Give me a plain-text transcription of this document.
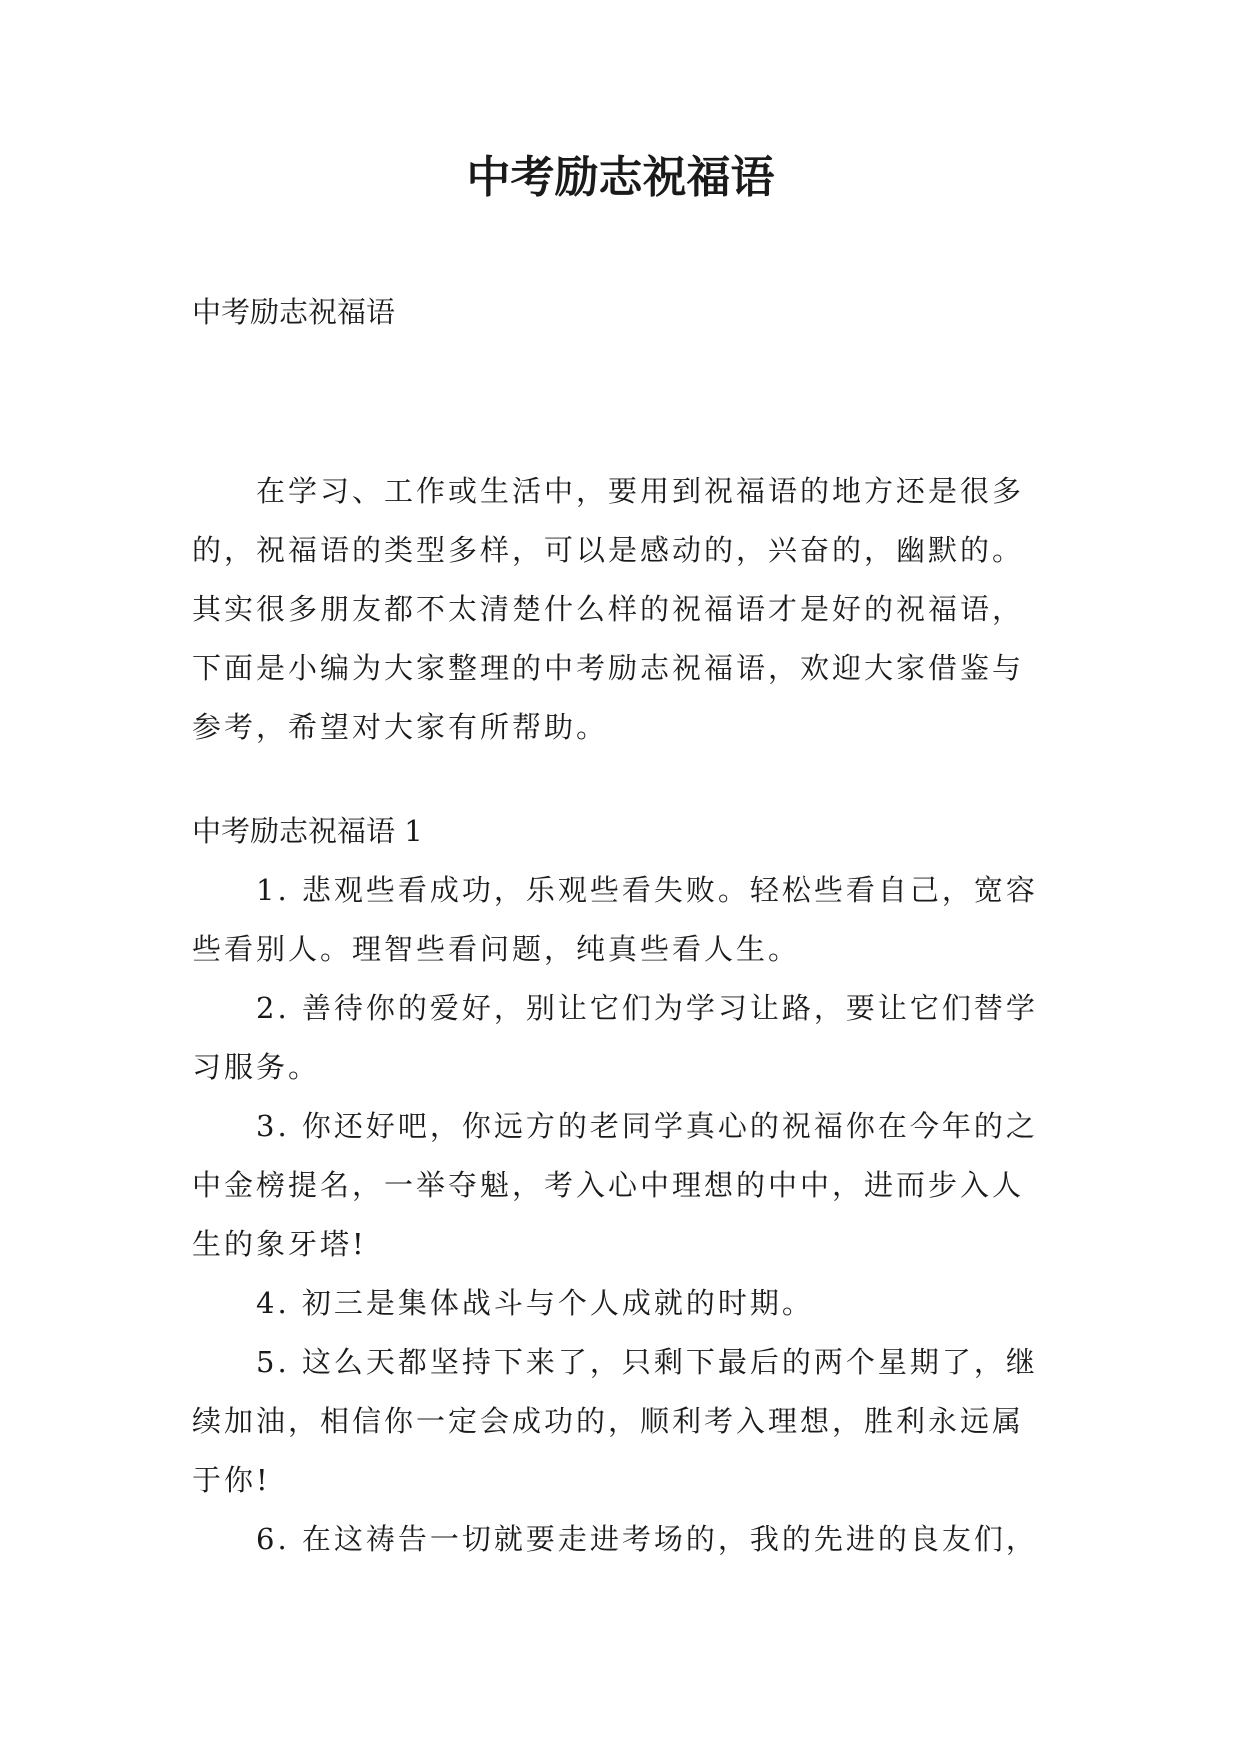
中考励志祝福语

中考励志祝福语

在学习、工作或生活中，要用到祝福语的地方还是很多的，祝福语的类型多样，可以是感动的，兴奋的，幽默的。其实很多朋友都不太清楚什么样的祝福语才是好的祝福语，下面是小编为大家整理的中考励志祝福语，欢迎大家借鉴与参考，希望对大家有所帮助。

中考励志祝福语 1

1. 悲观些看成功，乐观些看失败。轻松些看自己，宽容些看别人。理智些看问题，纯真些看人生。
2. 善待你的爱好，别让它们为学习让路，要让它们替学习服务。
3. 你还好吧，你远方的老同学真心的祝福你在今年的之中金榜提名，一举夺魁，考入心中理想的中中，进而步入人生的象牙塔!
4. 初三是集体战斗与个人成就的时期。
5. 这么天都坚持下来了，只剩下最后的两个星期了，继续加油，相信你一定会成功的，顺利考入理想，胜利永远属于你!
6. 在这祷告一切就要走进考场的，我的先进的良友们，
